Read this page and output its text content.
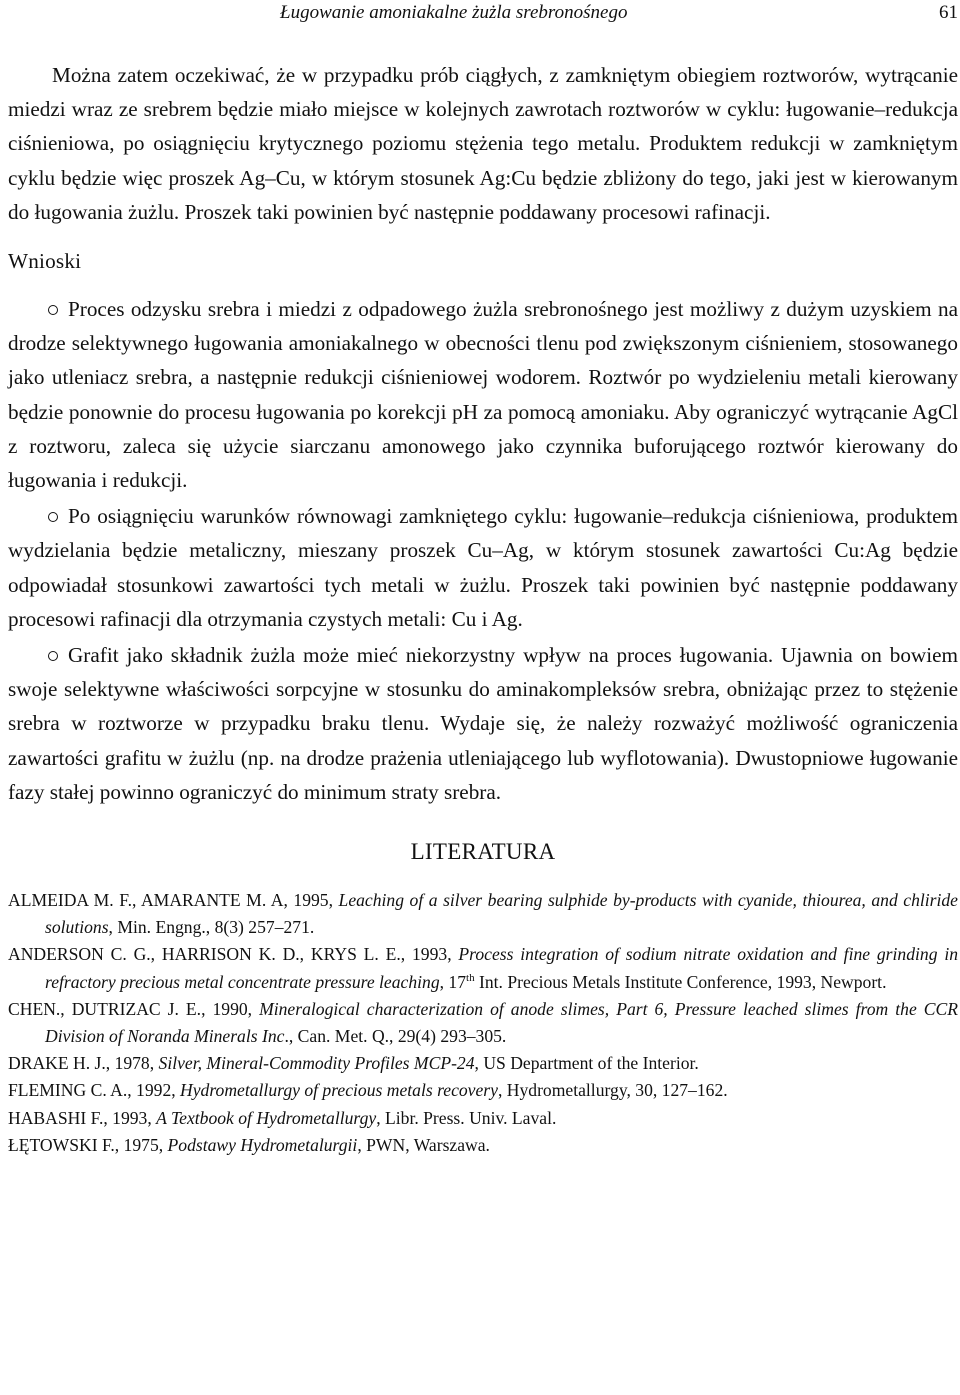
Ługowanie amoniakalne żużla srebronośnego	61

Można zatem oczekiwać, że w przypadku prób ciągłych, z zamkniętym obiegiem roztworów, wytrącanie miedzi wraz ze srebrem będzie miało miejsce w kolejnych zawrotach roztworów w cyklu: ługowanie–redukcja ciśnieniowa, po osiągnięciu krytycznego poziomu stężenia tego metalu. Produktem redukcji w zamkniętym cyklu będzie więc proszek Ag–Cu, w którym stosunek Ag:Cu będzie zbliżony do tego, jaki jest w kierowanym do ługowania żużlu. Proszek taki powinien być następnie poddawany procesowi rafinacji.

Wnioski

Proces odzysku srebra i miedzi z odpadowego żużla srebronośnego jest możliwy z dużym uzyskiem na drodze selektywnego ługowania amoniakalnego w obecności tlenu pod zwiększonym ciśnieniem, stosowanego jako utleniacz srebra, a następnie redukcji ciśnieniowej wodorem. Roztwór po wydzieleniu metali kierowany będzie ponownie do procesu ługowania po korekcji pH za pomocą amoniaku. Aby ograniczyć wytrącanie AgCl z roztworu, zaleca się użycie siarczanu amonowego jako czynnika buforującego roztwór kierowany do ługowania i redukcji.

Po osiągnięciu warunków równowagi zamkniętego cyklu: ługowanie–redukcja ciśnieniowa, produktem wydzielania będzie metaliczny, mieszany proszek Cu–Ag, w którym stosunek zawartości Cu:Ag będzie odpowiadał stosunkowi zawartości tych metali w żużlu. Proszek taki powinien być następnie poddawany procesowi rafinacji dla otrzymania czystych metali: Cu i Ag.

Grafit jako składnik żużla może mieć niekorzystny wpływ na proces ługowania. Ujawnia on bowiem swoje selektywne właściwości sorpcyjne w stosunku do aminakompleksów srebra, obniżając przez to stężenie srebra w roztworze w przypadku braku tlenu. Wydaje się, że należy rozważyć możliwość ograniczenia zawartości grafitu w żużlu (np. na drodze prażenia utleniającego lub wyflotowania). Dwustopniowe ługowanie fazy stałej powinno ograniczyć do minimum straty srebra.

LITERATURA
ALMEIDA M. F., AMARANTE M. A, 1995, Leaching of a silver bearing sulphide by-products with cyanide, thiourea, and chliride solutions, Min. Engng., 8(3) 257–271.
ANDERSON C. G., HARRISON K. D., KRYS L. E., 1993, Process integration of sodium nitrate oxidation and fine grinding in refractory precious metal concentrate pressure leaching, 17th Int. Precious Metals Institute Conference, 1993, Newport.
CHEN., DUTRIZAC J. E., 1990, Mineralogical characterization of anode slimes, Part 6, Pressure leached slimes from the CCR Division of Noranda Minerals Inc., Can. Met. Q., 29(4) 293–305.
DRAKE H. J., 1978, Silver, Mineral-Commodity Profiles MCP-24, US Department of the Interior.
FLEMING C. A., 1992, Hydrometallurgy of precious metals recovery, Hydrometallurgy, 30, 127–162.
HABASHI F., 1993, A Textbook of Hydrometallurgy, Libr. Press. Univ. Laval.
ŁĘTOWSKI F., 1975, Podstawy Hydrometalurgii, PWN, Warszawa.
